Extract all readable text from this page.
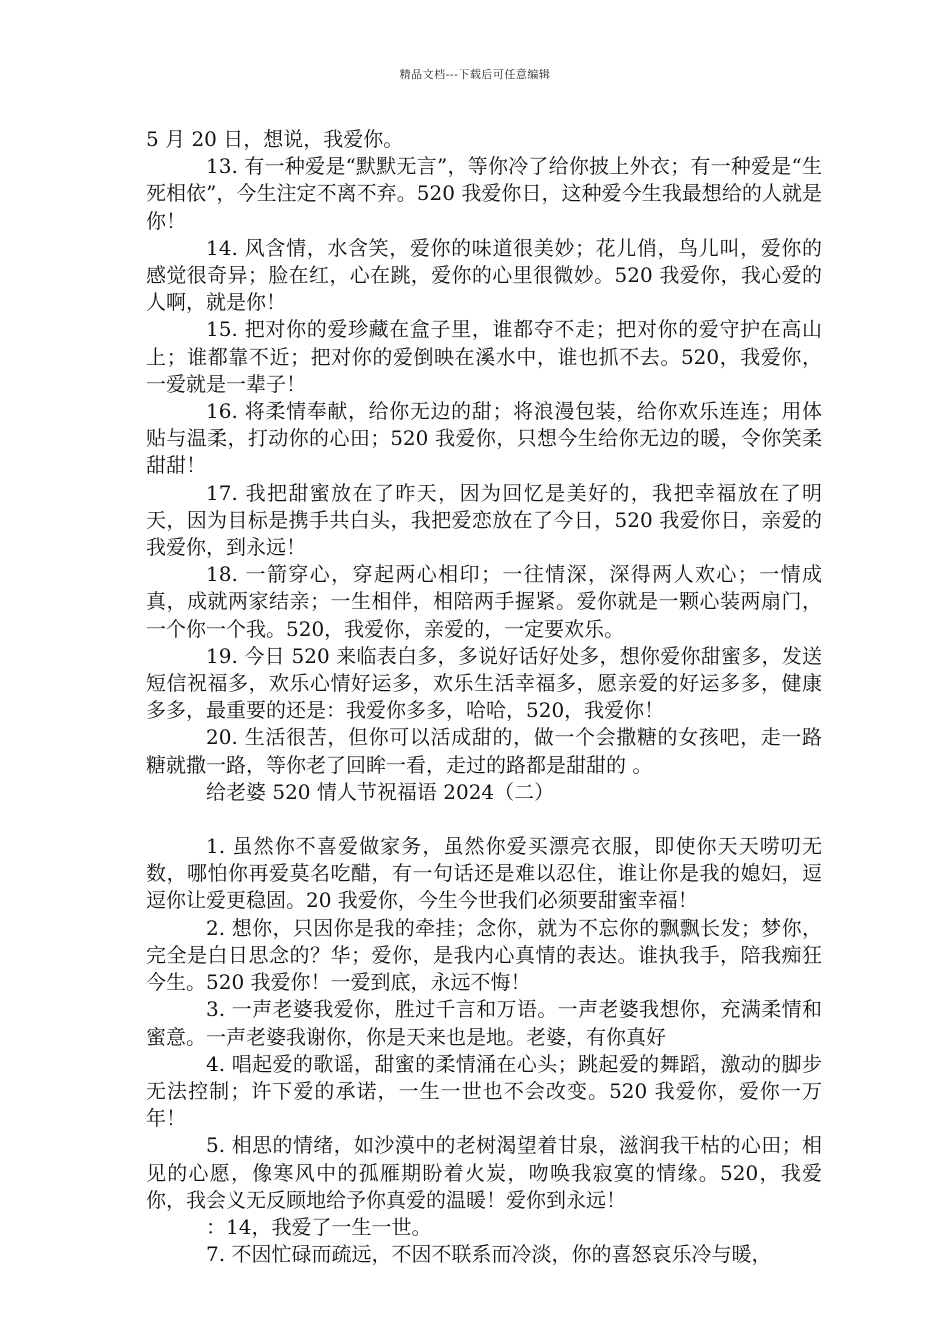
精品文档---下载后可任意编辑

5 月 20 日，想说，我爱你。

13. 有一种爱是“默默无言”，等你冷了给你披上外衣；有一种爱是“生死相依”，今生注定不离不弃。520 我爱你日，这种爱今生我最想给的人就是你！

14. 风含情，水含笑，爱你的味道很美妙；花儿俏，鸟儿叫，爱你的感觉很奇异；脸在红，心在跳，爱你的心里很微妙。520 我爱你，我心爱的人啊，就是你！

15. 把对你的爱珍藏在盒子里，谁都夺不走；把对你的爱守护在高山上；谁都靠不近；把对你的爱倒映在溪水中，谁也抓不去。520，我爱你，一爱就是一辈子！

16. 将柔情奉献，给你无边的甜；将浪漫包装，给你欢乐连连；用体贴与温柔，打动你的心田；520 我爱你，只想今生给你无边的暖，令你笑柔甜甜！

17. 我把甜蜜放在了昨天，因为回忆是美好的，我把幸福放在了明天，因为目标是携手共白头，我把爱恋放在了今日，520 我爱你日，亲爱的我爱你，到永远！

18. 一箭穿心，穿起两心相印；一往情深，深得两人欢心；一情成真，成就两家结亲；一生相伴，相陪两手握紧。爱你就是一颗心装两扇门，一个你一个我。520，我爱你，亲爱的，一定要欢乐。

19. 今日 520 来临表白多，多说好话好处多，想你爱你甜蜜多，发送短信祝福多，欢乐心情好运多，欢乐生活幸福多，愿亲爱的好运多多，健康多多，最重要的还是：我爱你多多，哈哈，520，我爱你！

20. 生活很苦，但你可以活成甜的，做一个会撒糖的女孩吧，走一路糖就撒一路，等你老了回眸一看，走过的路都是甜甜的 。

给老婆 520 情人节祝福语 2024（二）

1. 虽然你不喜爱做家务，虽然你爱买漂亮衣服，即使你天天唠叨无数，哪怕你再爱莫名吃醋，有一句话还是难以忍住，谁让你是我的媳妇，逗逗你让爱更稳固。20 我爱你，今生今世我们必须要甜蜜幸福！

2. 想你，只因你是我的牵挂；念你，就为不忘你的飘飘长发；梦你，完全是白日思念的？华；爱你，是我内心真情的表达。谁执我手，陪我痴狂今生。520 我爱你！一爱到底，永远不悔！

3. 一声老婆我爱你，胜过千言和万语。一声老婆我想你，充满柔情和蜜意。一声老婆我谢你，你是天来也是地。老婆，有你真好

4. 唱起爱的歌谣，甜蜜的柔情涌在心头；跳起爱的舞蹈，激动的脚步无法控制；许下爱的承诺，一生一世也不会改变。520 我爱你，爱你一万年！

5. 相思的情绪，如沙漠中的老树渴望着甘泉，滋润我干枯的心田；相见的心愿，像寒风中的孤雁期盼着火炭，吻唤我寂寞的情缘。520，我爱你，我会义无反顾地给予你真爱的温暖！爱你到永远！

：14，我爱了一生一世。

7. 不因忙碌而疏远，不因不联系而冷淡，你的喜怒哀乐冷与暖，
